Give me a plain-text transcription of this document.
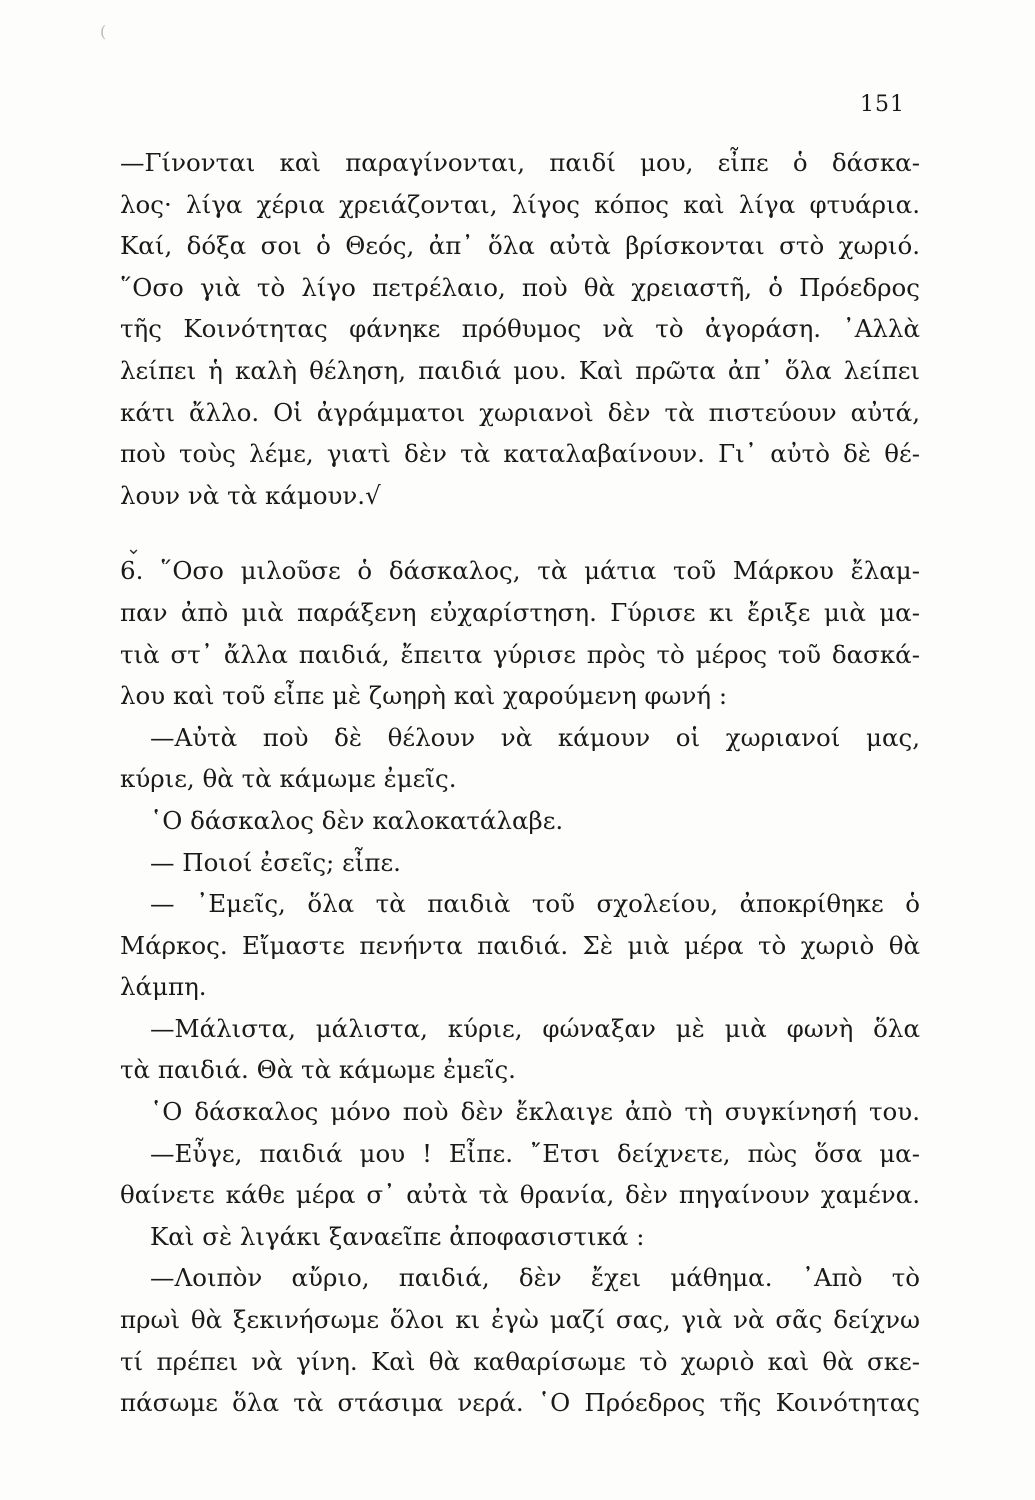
(
151
⌄
—Γίνονται καὶ παραγίνονται, παιδί μου, εἶπε ὁ δάσκα-
λος· λίγα χέρια χρειάζονται, λίγος κόπος καὶ λίγα φτυάρια.
Καί, δόξα σοι ὁ Θεός, ἀπ᾿ ὅλα αὐτὰ βρίσκονται στὸ χωριό.
῞Οσο γιὰ τὸ λίγο πετρέλαιο, ποὺ θὰ χρειαστῆ, ὁ Πρόεδρος
τῆς Κοινότητας φάνηκε πρόθυμος νὰ τὸ ἀγοράση. ᾿Αλλὰ
λείπει ἡ καλὴ θέληση, παιδιά μου. Καὶ πρῶτα ἀπ᾿ ὅλα λείπει
κάτι ἄλλο. Οἱ ἀγράμματοι χωριανοὶ δὲν τὰ πιστεύουν αὐτά,
ποὺ τοὺς λέμε, γιατὶ δὲν τὰ καταλαβαίνουν. Γι᾿ αὐτὸ δὲ θέ-
λουν νὰ τὰ κάμουν.√
6. ῞Οσο μιλοῦσε ὁ δάσκαλος, τὰ μάτια τοῦ Μάρκου ἔλαμ-
παν ἀπὸ μιὰ παράξενη εὐχαρίστηση. Γύρισε κι ἔριξε μιὰ μα-
τιὰ στ᾿ ἄλλα παιδιά, ἔπειτα γύρισε πρὸς τὸ μέρος τοῦ δασκά-
λου καὶ τοῦ εἶπε μὲ ζωηρὴ καὶ χαρούμενη φωνή :
—Αὐτὰ ποὺ δὲ θέλουν νὰ κάμουν οἱ χωριανοί μας,
κύριε, θὰ τὰ κάμωμε ἐμεῖς.
῾Ο δάσκαλος δὲν καλοκατάλαβε.
— Ποιοί ἐσεῖς; εἶπε.
— ᾿Εμεῖς, ὅλα τὰ παιδιὰ τοῦ σχολείου, ἀποκρίθηκε ὁ
Μάρκος. Εἴμαστε πενήντα παιδιά. Σὲ μιὰ μέρα τὸ χωριὸ θὰ
λάμπη.
—Μάλιστα, μάλιστα, κύριε, φώναξαν μὲ μιὰ φωνὴ ὅλα
τὰ παιδιά. Θὰ τὰ κάμωμε ἐμεῖς.
῾Ο δάσκαλος μόνο ποὺ δὲν ἔκλαιγε ἀπὸ τὴ συγκίνησή του.
—Εὖγε, παιδιά μου ! Εἶπε. ῎Ετσι δείχνετε, πὼς ὅσα μα-
θαίνετε κάθε μέρα σ᾿ αὐτὰ τὰ θρανία, δὲν πηγαίνουν χαμένα.
Καὶ σὲ λιγάκι ξαναεῖπε ἀποφασιστικά :
—Λοιπὸν αὔριο, παιδιά, δὲν ἔχει μάθημα. ᾿Απὸ τὸ
πρωὶ θὰ ξεκινήσωμε ὅλοι κι ἐγὼ μαζί σας, γιὰ νὰ σᾶς δείχνω
τί πρέπει νὰ γίνη. Καὶ θὰ καθαρίσωμε τὸ χωριὸ καὶ θὰ σκε-
πάσωμε ὅλα τὰ στάσιμα νερά. ῾Ο Πρόεδρος τῆς Κοινότητας
